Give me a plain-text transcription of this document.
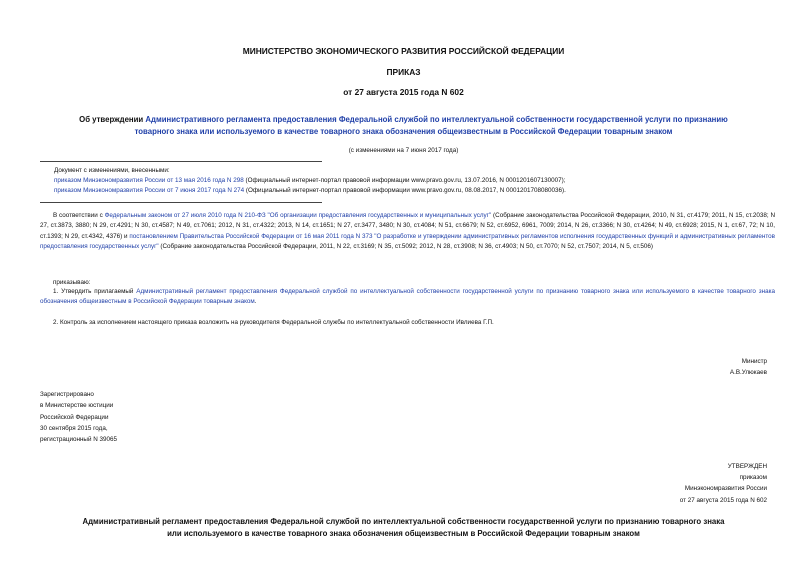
МИНИСТЕРСТВО ЭКОНОМИЧЕСКОГО РАЗВИТИЯ РОССИЙСКОЙ ФЕДЕРАЦИИ
ПРИКАЗ
от 27 августа 2015 года N 602
Об утверждении Административного регламента предоставления Федеральной службой по интеллектуальной собственности государственной услуги по признанию товарного знака или используемого в качестве товарного знака обозначения общеизвестным в Российской Федерации товарным знаком
(с изменениями на 7 июня 2017 года)
Документ с изменениями, внесенными:
приказом Минэкономразвития России от 13 мая 2016 года N 298 (Официальный интернет-портал правовой информации www.pravo.gov.ru, 13.07.2016, N 0001201607130007);
приказом Минэкономразвития России от 7 июня 2017 года N 274 (Официальный интернет-портал правовой информации www.pravo.gov.ru, 08.08.2017, N 0001201708080036).
В соответствии с Федеральным законом от 27 июля 2010 года N 210-ФЗ "Об организации предоставления государственных и муниципальных услуг" (Собрание законодательства Российской Федерации, 2010, N 31, ст.4179; 2011, N 15, ст.2038; N 27, ст.3873, 3880; N 29, ст.4291; N 30, ст.4587; N 49, ст.7061; 2012, N 31, ст.4322; 2013, N 14, ст.1651; N 27, ст.3477, 3480; N 30, ст.4084; N 51, ст.6679; N 52, ст.6952, 6961, 7009; 2014, N 26, ст.3366; N 30, ст.4264; N 49, ст.6928; 2015, N 1, ст.67, 72; N 10, ст.1393; N 29, ст.4342, 4376) и постановлением Правительства Российской Федерации от 16 мая 2011 года N 373 "О разработке и утверждении административных регламентов исполнения государственных функций и административных регламентов предоставления государственных услуг" (Собрание законодательства Российской Федерации, 2011, N 22, ст.3169; N 35, ст.5092; 2012, N 28, ст.3908; N 36, ст.4903; N 50, ст.7070; N 52, ст.7507; 2014, N 5, ст.506)
приказываю:
1. Утвердить прилагаемый Административный регламент предоставления Федеральной службой по интеллектуальной собственности государственной услуги по признанию товарного знака или используемого в качестве товарного знака обозначения общеизвестным в Российской Федерации товарным знаком.
2. Контроль за исполнением настоящего приказа возложить на руководителя Федеральной службы по интеллектуальной собственности Ивлиева Г.П.
Министр
А.В.Улюкаев
Зарегистрировано
в Министерстве юстиции
Российской Федерации
30 сентября 2015 года,
регистрационный N 39065
УТВЕРЖДЕН
приказом
Минэкономразвития России
от 27 августа 2015 года N 602
Административный регламент предоставления Федеральной службой по интеллектуальной собственности государственной услуги по признанию товарного знака
или используемого в качестве товарного знака обозначения общеизвестным в Российской Федерации товарным знаком
